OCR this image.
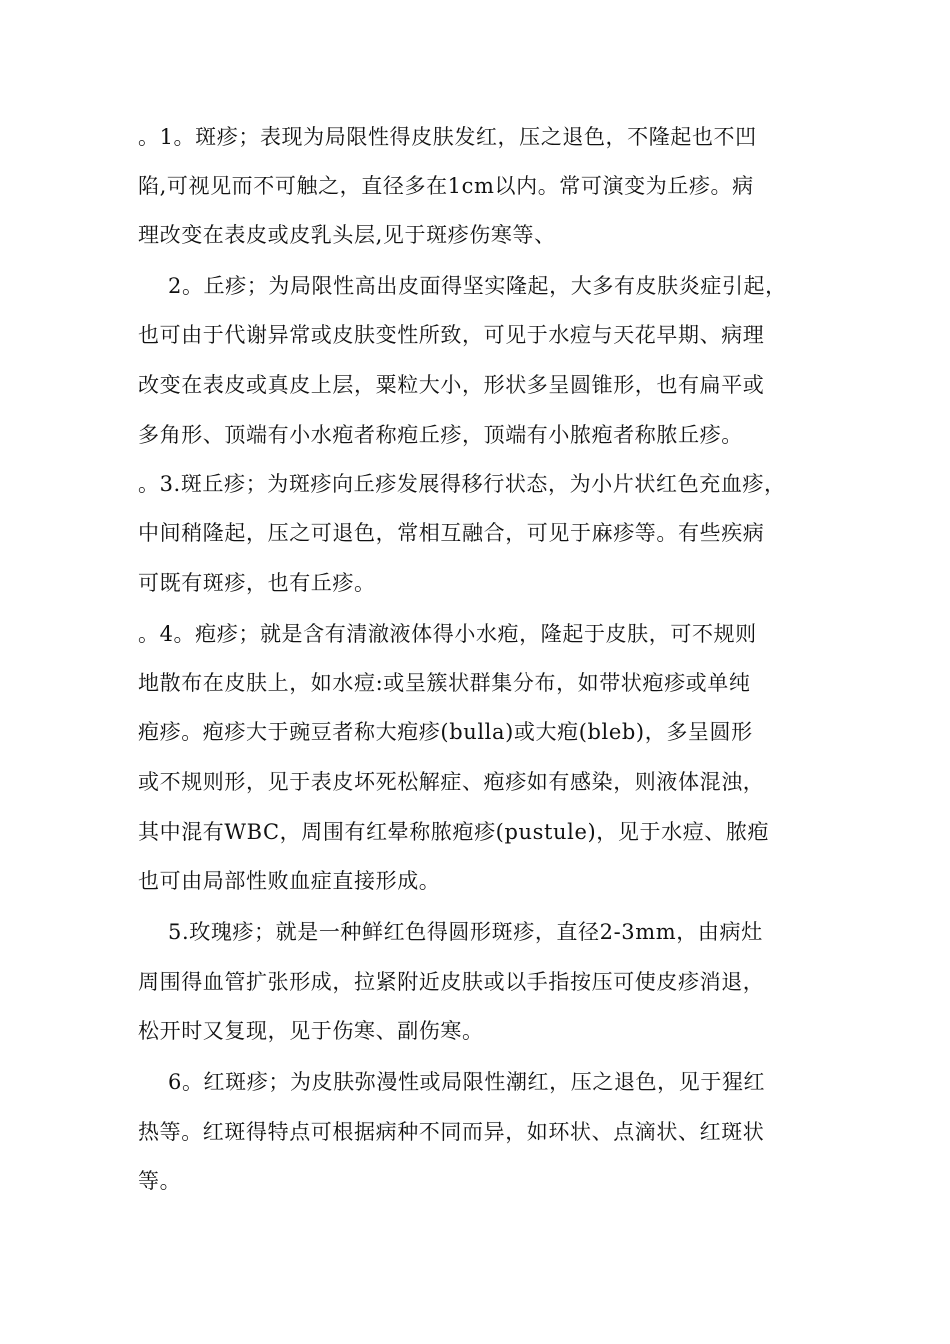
。1。斑疹；表现为局限性得皮肤发红，压之退色，不隆起也不凹
陷,可视见而不可触之，直径多在1cm以内。常可演变为丘疹。病
理改变在表皮或皮乳头层,见于斑疹伤寒等、
2。丘疹；为局限性高出皮面得坚实隆起，大多有皮肤炎症引起，
也可由于代谢异常或皮肤变性所致，可见于水痘与天花早期、病理
改变在表皮或真皮上层，粟粒大小，形状多呈圆锥形，也有扁平或
多角形、顶端有小水疱者称疱丘疹，顶端有小脓疱者称脓丘疹。
。3.斑丘疹；为斑疹向丘疹发展得移行状态，为小片状红色充血疹，
中间稍隆起，压之可退色，常相互融合，可见于麻疹等。有些疾病
可既有斑疹，也有丘疹。
。4。疱疹；就是含有清澈液体得小水疱，隆起于皮肤，可不规则
地散布在皮肤上，如水痘:或呈簇状群集分布，如带状疱疹或单纯
疱疹。疱疹大于豌豆者称大疱疹(bulla)或大疱(bleb)，多呈圆形
或不规则形，见于表皮坏死松解症、疱疹如有感染，则液体混浊，
其中混有WBC，周围有红晕称脓疱疹(pustule)，见于水痘、脓疱
也可由局部性败血症直接形成。
5.玫瑰疹；就是一种鲜红色得圆形斑疹，直径2-3mm，由病灶
周围得血管扩张形成，拉紧附近皮肤或以手指按压可使皮疹消退，
松开时又复现，见于伤寒、副伤寒。
6。红斑疹；为皮肤弥漫性或局限性潮红，压之退色，见于猩红
热等。红斑得特点可根据病种不同而异，如环状、点滴状、红斑状
等。
